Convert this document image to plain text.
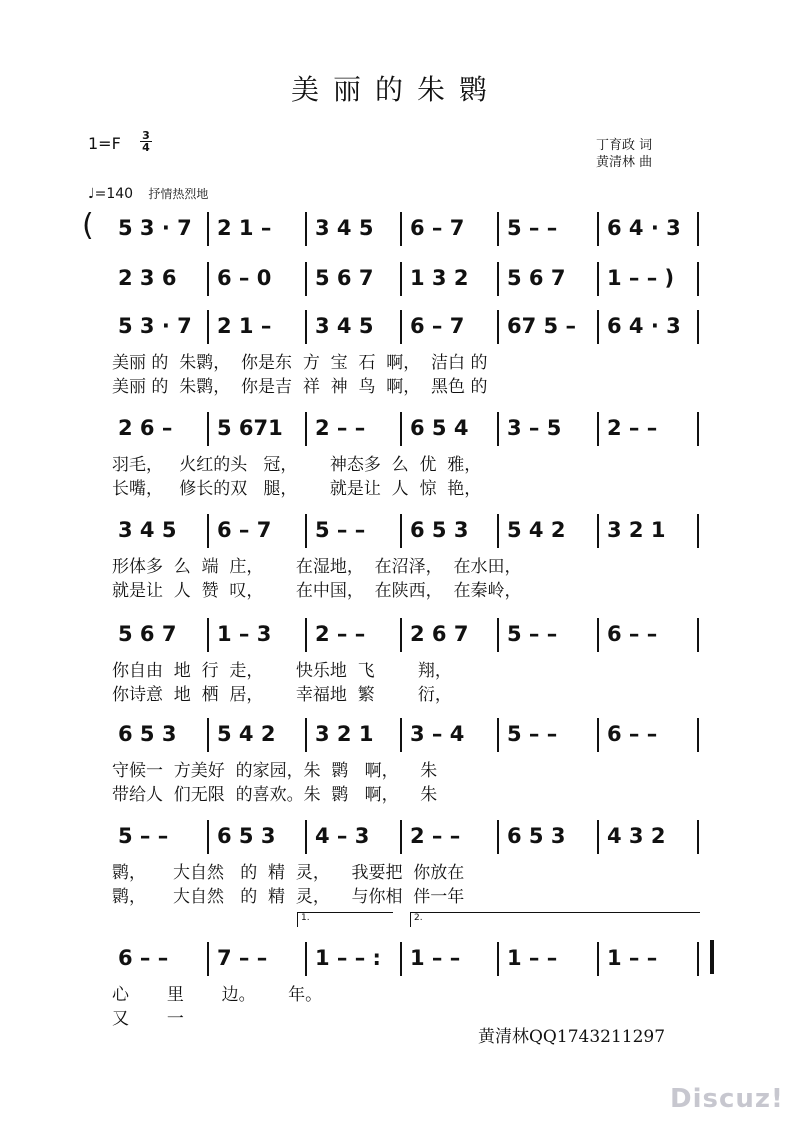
美丽的朱鹮
1=F 3
4	丁育政 词
黄清林 曲
♩=140 抒情热烈地
5 3 · 7 2 1 – 3 4 5 6 – 7 5 – – 6 4 · 3
2 3 6 6 – 0 5 6 7 1 3 2 5 6 7 1 – – )
5 3 · 7 2 1 – 3 4 5 6 – 7 67 5 – 6 4 · 3
美丽 的  朱鹮，  你是东  方  宝  石  啊，  洁白 的
美丽 的  朱鹮，  你是吉  祥  神  鸟  啊，  黑色 的
2 6 – 5 671 2 – – 6 5 4 3 – 5 2 – –
羽毛，   火红的头   冠，      神态多  么  优  雅，
长嘴，   修长的双   腿，      就是让  人  惊  艳，
3 4 5 6 – 7 5 – – 6 5 3 5 4 2 3 2 1
形体多  么  端  庄，      在湿地，  在沼泽，  在水田，
就是让  人  赞  叹，      在中国，  在陕西，  在秦岭，
5 6 7 1 – 3 2 – – 2 6 7 5 – – 6 – –
你自由  地  行  走，      快乐地  飞        翔，
你诗意  地  栖  居，      幸福地  繁        衍，
6 5 3 5 4 2 3 2 1 3 – 4 5 – – 6 – –
守候一  方美好  的家园，朱  鹮   啊，    朱
带给人  们无限  的喜欢。朱  鹮   啊，    朱
5 – – 6 5 3 4 – 3 2 – – 6 5 3 4 3 2
鹮，     大自然   的  精  灵，    我要把  你放在
鹮，     大自然   的  精  灵，    与你相  伴一年
6 – – 7 – – 1 – – : 1 – – 1 – – 1 – –
心       里       边。      年。
又       一
(
1.	2.
黄清林QQ1743211297
Discuz!
